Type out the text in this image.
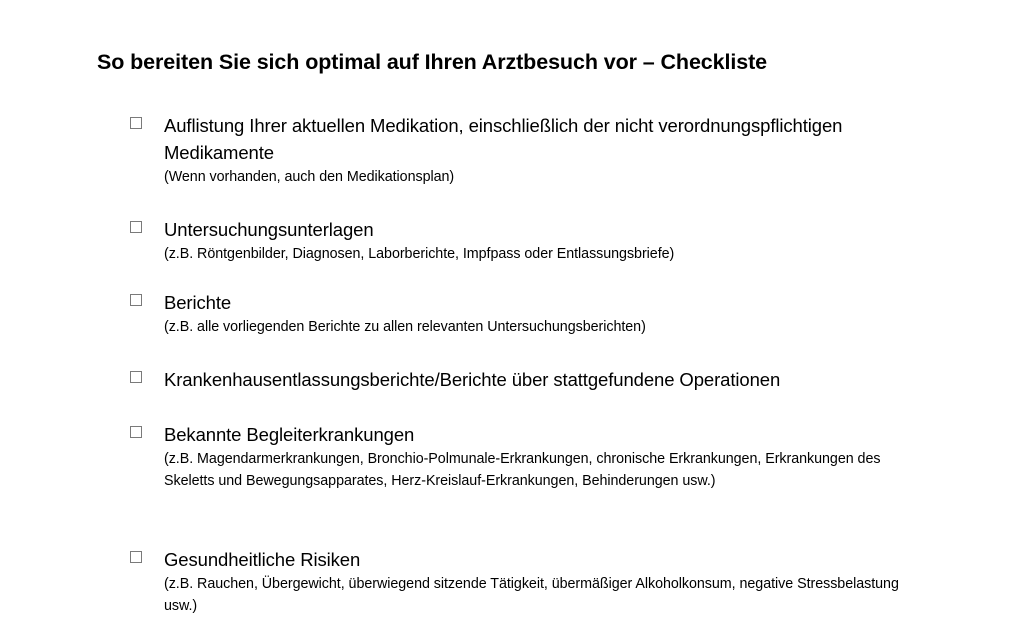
So bereiten Sie sich optimal auf Ihren Arztbesuch vor – Checkliste
Auflistung Ihrer aktuellen Medikation, einschließlich der nicht verordnungspflichtigen Medikamente
(Wenn vorhanden, auch den Medikationsplan)
Untersuchungsunterlagen
(z.B. Röntgenbilder, Diagnosen, Laborberichte, Impfpass oder Entlassungsbriefe)
Berichte
(z.B. alle vorliegenden Berichte zu allen relevanten Untersuchungsberichten)
Krankenhausentlassungsberichte/Berichte über stattgefundene Operationen
Bekannte Begleiterkrankungen
(z.B. Magendarmerkrankungen, Bronchio-Polmunale-Erkrankungen, chronische Erkrankungen, Erkrankungen des Skeletts und Bewegungsapparates, Herz-Kreislauf-Erkrankungen, Behinderungen usw.)
Gesundheitliche Risiken
(z.B. Rauchen, Übergewicht, überwiegend sitzende Tätigkeit, übermäßiger Alkoholkonsum, negative Stressbelastung usw.)
